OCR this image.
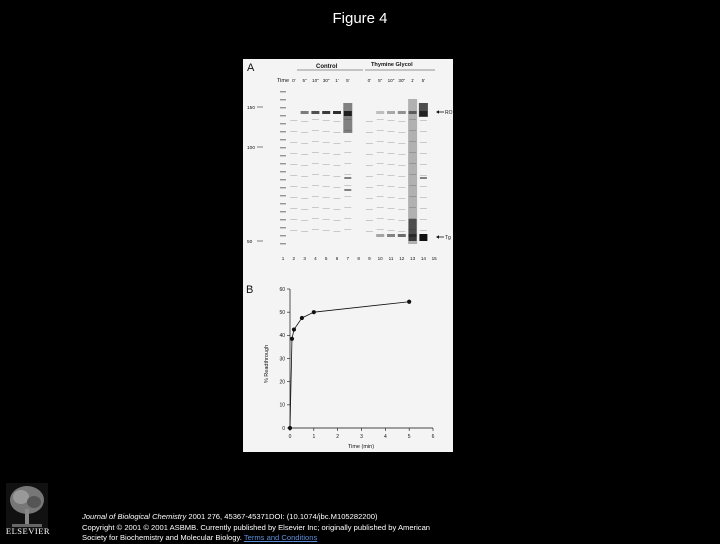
Figure 4
A	Control	Thymine Glycol
Time 0' 5" 10" 30" 1' 5'	0' 5" 10" 30" 1' 5'
150
100
50
RO
Tg
1 2 3 4 5 6 7 8 9 10 11 12 13 14 15
B
0
10
20
30
40
50
60
0	1	2	3	4	5	6
% Readthrough
Time (min)
ELSEVIER
Journal of Biological Chemistry 2001 276, 45367-45371DOI: (10.1074/jbc.M105282200)
Copyright © 2001 © 2001 ASBMB. Currently published by Elsevier Inc; originally published by American
Society for Biochemistry and Molecular Biology. Terms and Conditions
